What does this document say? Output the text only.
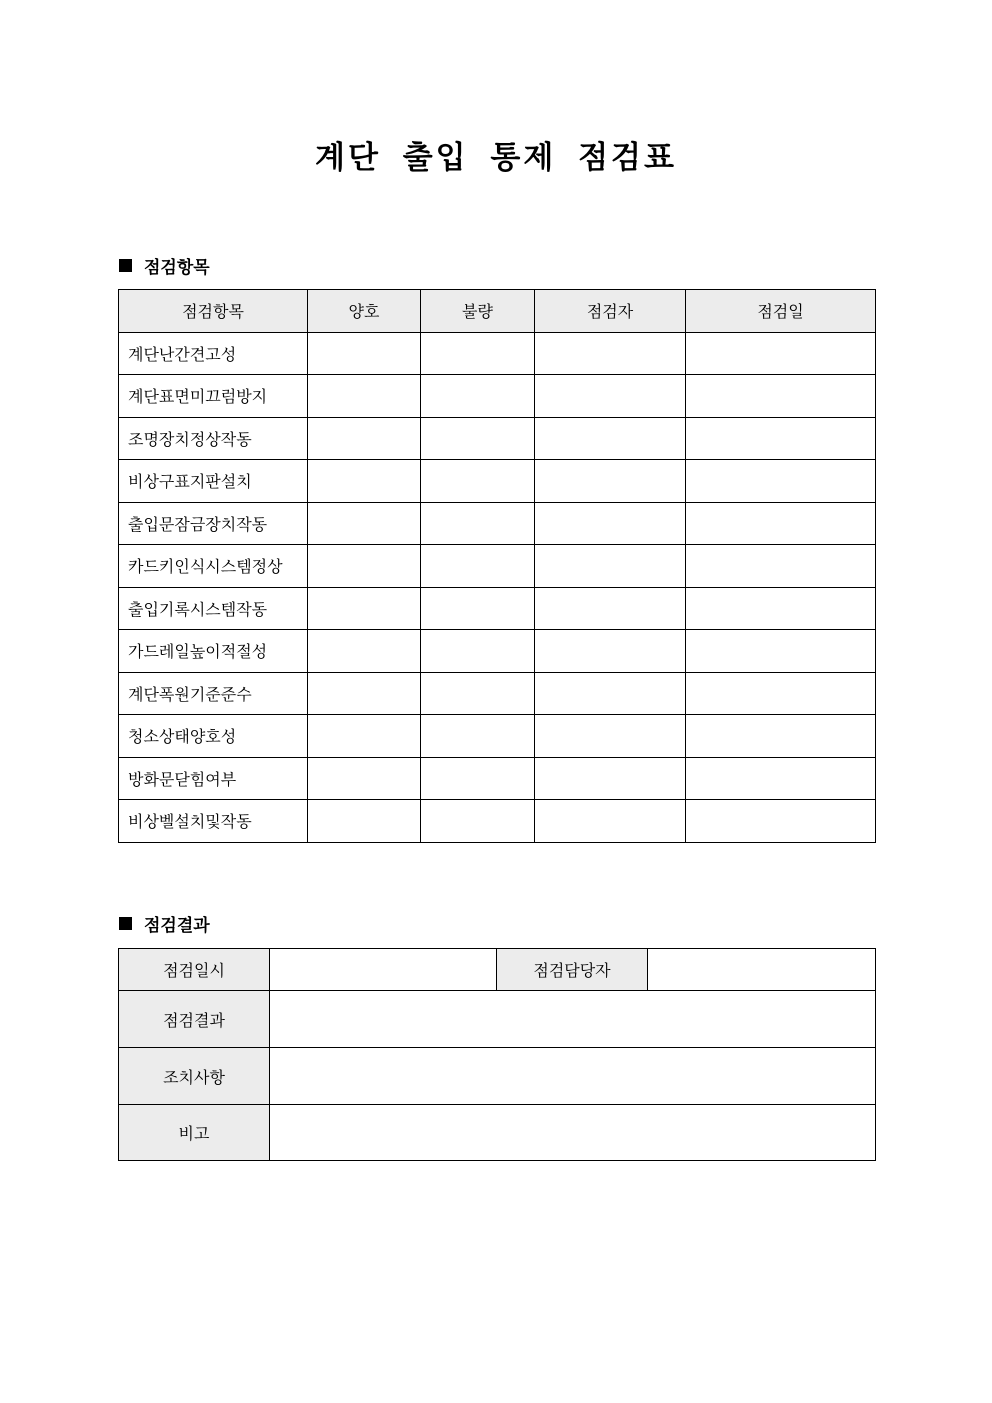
계단 출입 통제 점검표
점검항목
점검항목	양호	불량	점검자	점검일
계단난간견고성				
계단표면미끄럼방지				
조명장치정상작동				
비상구표지판설치				
출입문잠금장치작동				
카드키인식시스템정상				
출입기록시스템작동				
가드레일높이적절성				
계단폭원기준준수				
청소상태양호성				
방화문닫힘여부				
비상벨설치및작동				
점검결과
점검일시		점검담당자	
점검결과			
조치사항			
비고			
